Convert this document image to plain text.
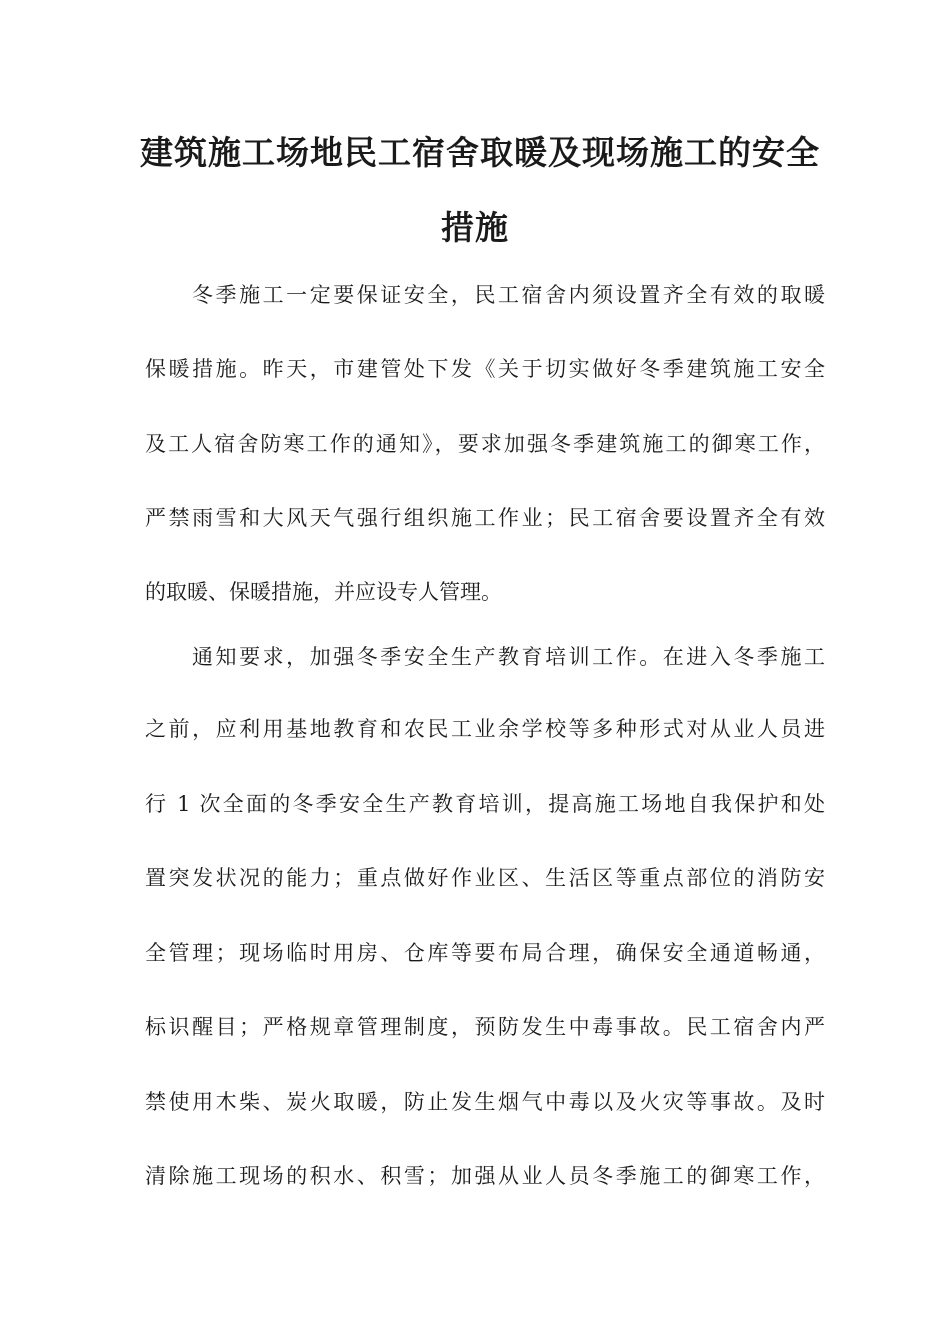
建筑施工场地民工宿舍取暖及现场施工的安全
措施
冬季施工一定要保证安全，民工宿舍内须设置齐全有效的取暖
保暖措施。昨天，市建管处下发《关于切实做好冬季建筑施工安全
及工人宿舍防寒工作的通知》，要求加强冬季建筑施工的御寒工作，
严禁雨雪和大风天气强行组织施工作业；民工宿舍要设置齐全有效
的取暖、保暖措施，并应设专人管理。
通知要求，加强冬季安全生产教育培训工作。在进入冬季施工
之前，应利用基地教育和农民工业余学校等多种形式对从业人员进
行 1 次全面的冬季安全生产教育培训，提高施工场地自我保护和处
置突发状况的能力；重点做好作业区、生活区等重点部位的消防安
全管理；现场临时用房、仓库等要布局合理，确保安全通道畅通，
标识醒目；严格规章管理制度，预防发生中毒事故。民工宿舍内严
禁使用木柴、炭火取暖，防止发生烟气中毒以及火灾等事故。及时
清除施工现场的积水、积雪；加强从业人员冬季施工的御寒工作，
